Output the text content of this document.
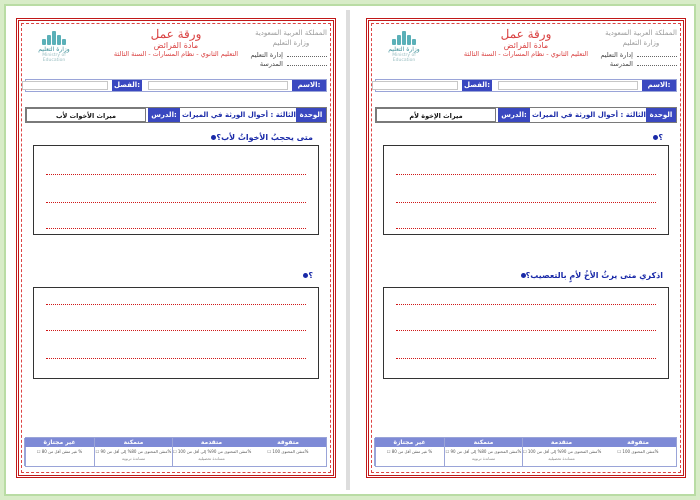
المملكة العربية السعودية
وزارة التعليم
إدارة التعليم
المدرسة
ورقة عمل
مادة الفرائض
التعليم الثانوي - نظام المسارات - السنة الثالثة
وزارة التعليم
Ministry of Education
الاسم:
الفصل:
الوحدة
الثالثة : أحوال الورثة في الميراث
الدرس:
ميراث الأخوات لأب
متى يحجبُ الأخواتُ لأب؟
؟
متفوقة
☐ متقن المحتوى 100%
متقدمة
☐ متقن المحتوى من 90% إلى أقل من 100%
مساندة تحصيلية
متمكنة
☐ متقن المحتوى من 80% إلى أقل من 90%
مساندة تربوية
غير مجتازة
☐ غير متقن أقل من 80 %
المملكة العربية السعودية
وزارة التعليم
إدارة التعليم
المدرسة
ورقة عمل
مادة الفرائض
التعليم الثانوي - نظام المسارات - السنة الثالثة
وزارة التعليم
Ministry of Education
الاسم:
الفصل:
الوحدة
الثالثة : أحوال الورثة في الميراث
الدرس:
ميراث الإخوة لأم
؟
اذكري متى يرثُ الأخُ لأمٍ بالتعصيب؟
متفوقة
☐ متقن المحتوى 100%
متقدمة
☐ متقن المحتوى من 90% إلى أقل من 100%
مساندة تحصيلية
متمكنة
☐ متقن المحتوى من 80% إلى أقل من 90%
مساندة تربوية
غير مجتازة
☐ غير متقن أقل من 80 %
